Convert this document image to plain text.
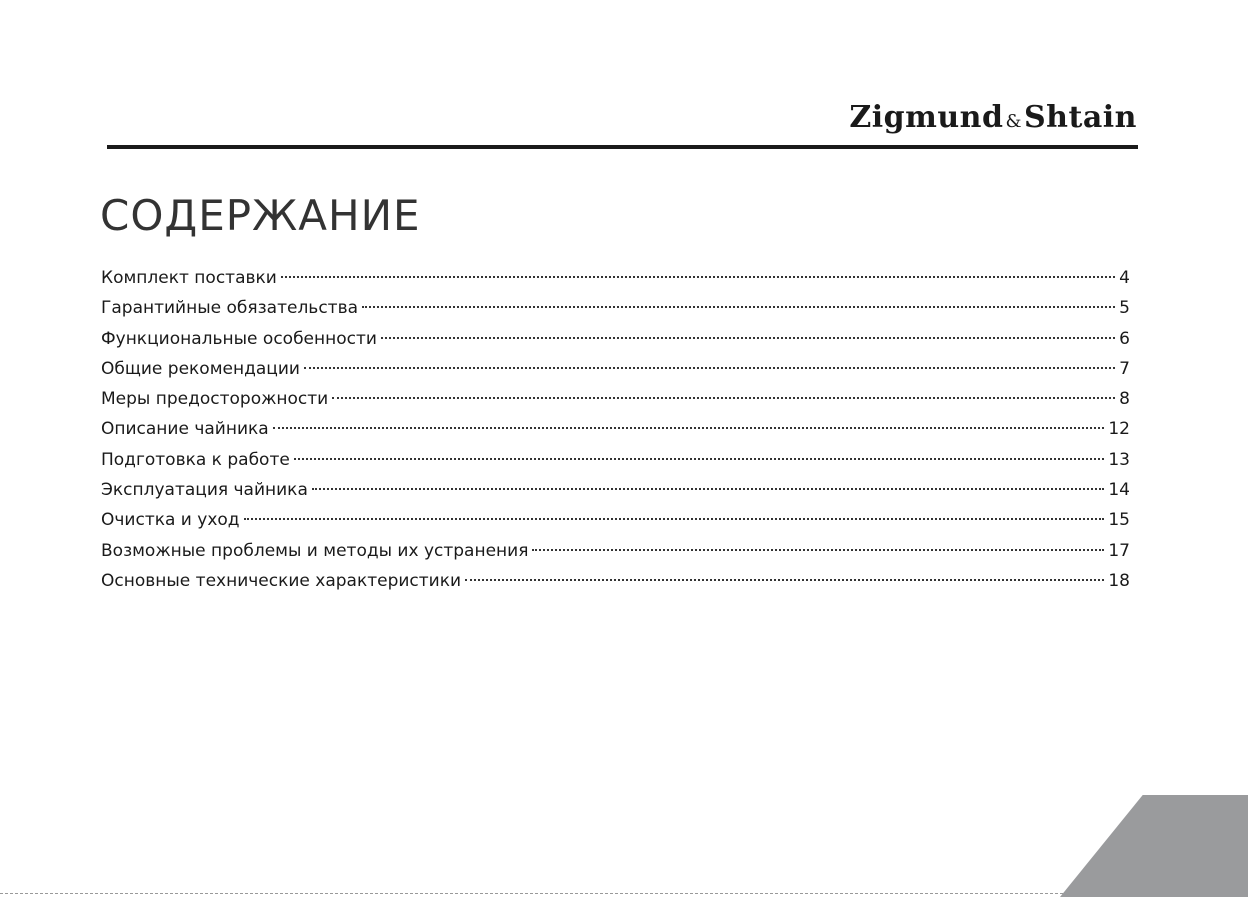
Zigmund &Shtain
СОДЕРЖАНИЕ
Комплект поставки	4
Гарантийные обязательства	5
Функциональные особенности	6
Общие рекомендации	7
Меры предосторожности	8
Описание чайника	12
Подготовка к работе	13
Эксплуатация чайника	14
Очистка и уход	15
Возможные проблемы и методы их устранения	17
Основные технические характеристики	18
